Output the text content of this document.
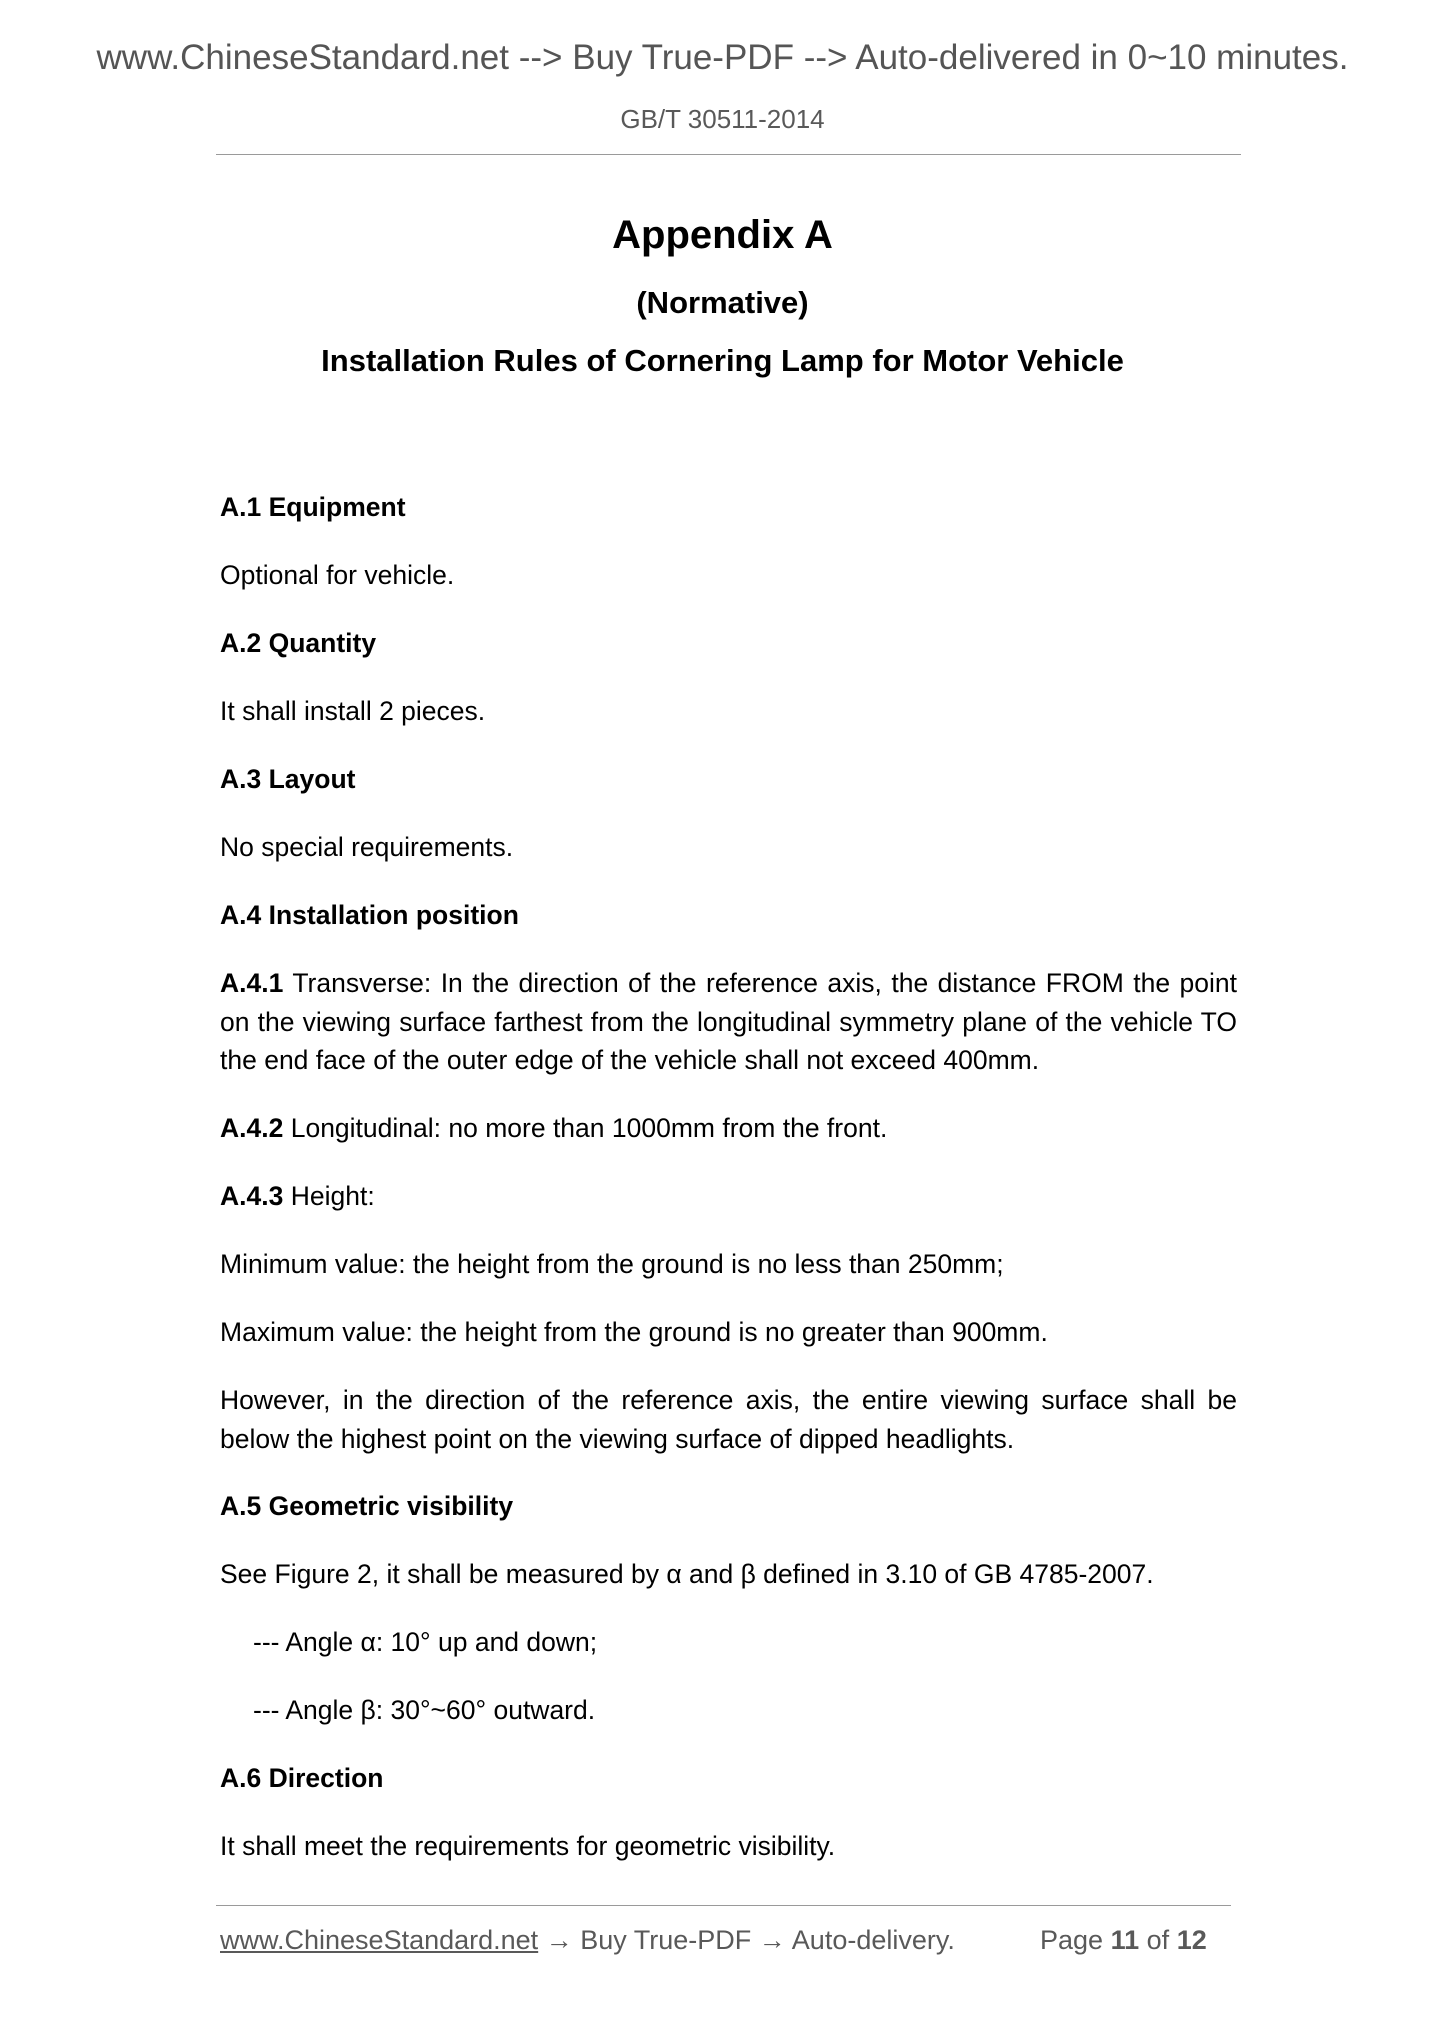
www.ChineseStandard.net --> Buy True-PDF --> Auto-delivered in 0~10 minutes.
GB/T 30511-2014
Appendix A
(Normative)
Installation Rules of Cornering Lamp for Motor Vehicle
A.1 Equipment
Optional for vehicle.
A.2 Quantity
It shall install 2 pieces.
A.3 Layout
No special requirements.
A.4 Installation position
A.4.1 Transverse: In the direction of the reference axis, the distance FROM the point on the viewing surface farthest from the longitudinal symmetry plane of the vehicle TO the end face of the outer edge of the vehicle shall not exceed 400mm.
A.4.2 Longitudinal: no more than 1000mm from the front.
A.4.3 Height:
Minimum value: the height from the ground is no less than 250mm;
Maximum value: the height from the ground is no greater than 900mm.
However, in the direction of the reference axis, the entire viewing surface shall be below the highest point on the viewing surface of dipped headlights.
A.5 Geometric visibility
See Figure 2, it shall be measured by α and β defined in 3.10 of GB 4785-2007.
--- Angle α: 10° up and down;
--- Angle β: 30°~60° outward.
A.6 Direction
It shall meet the requirements for geometric visibility.
www.ChineseStandard.net → Buy True-PDF → Auto-delivery.	Page 11 of 12
